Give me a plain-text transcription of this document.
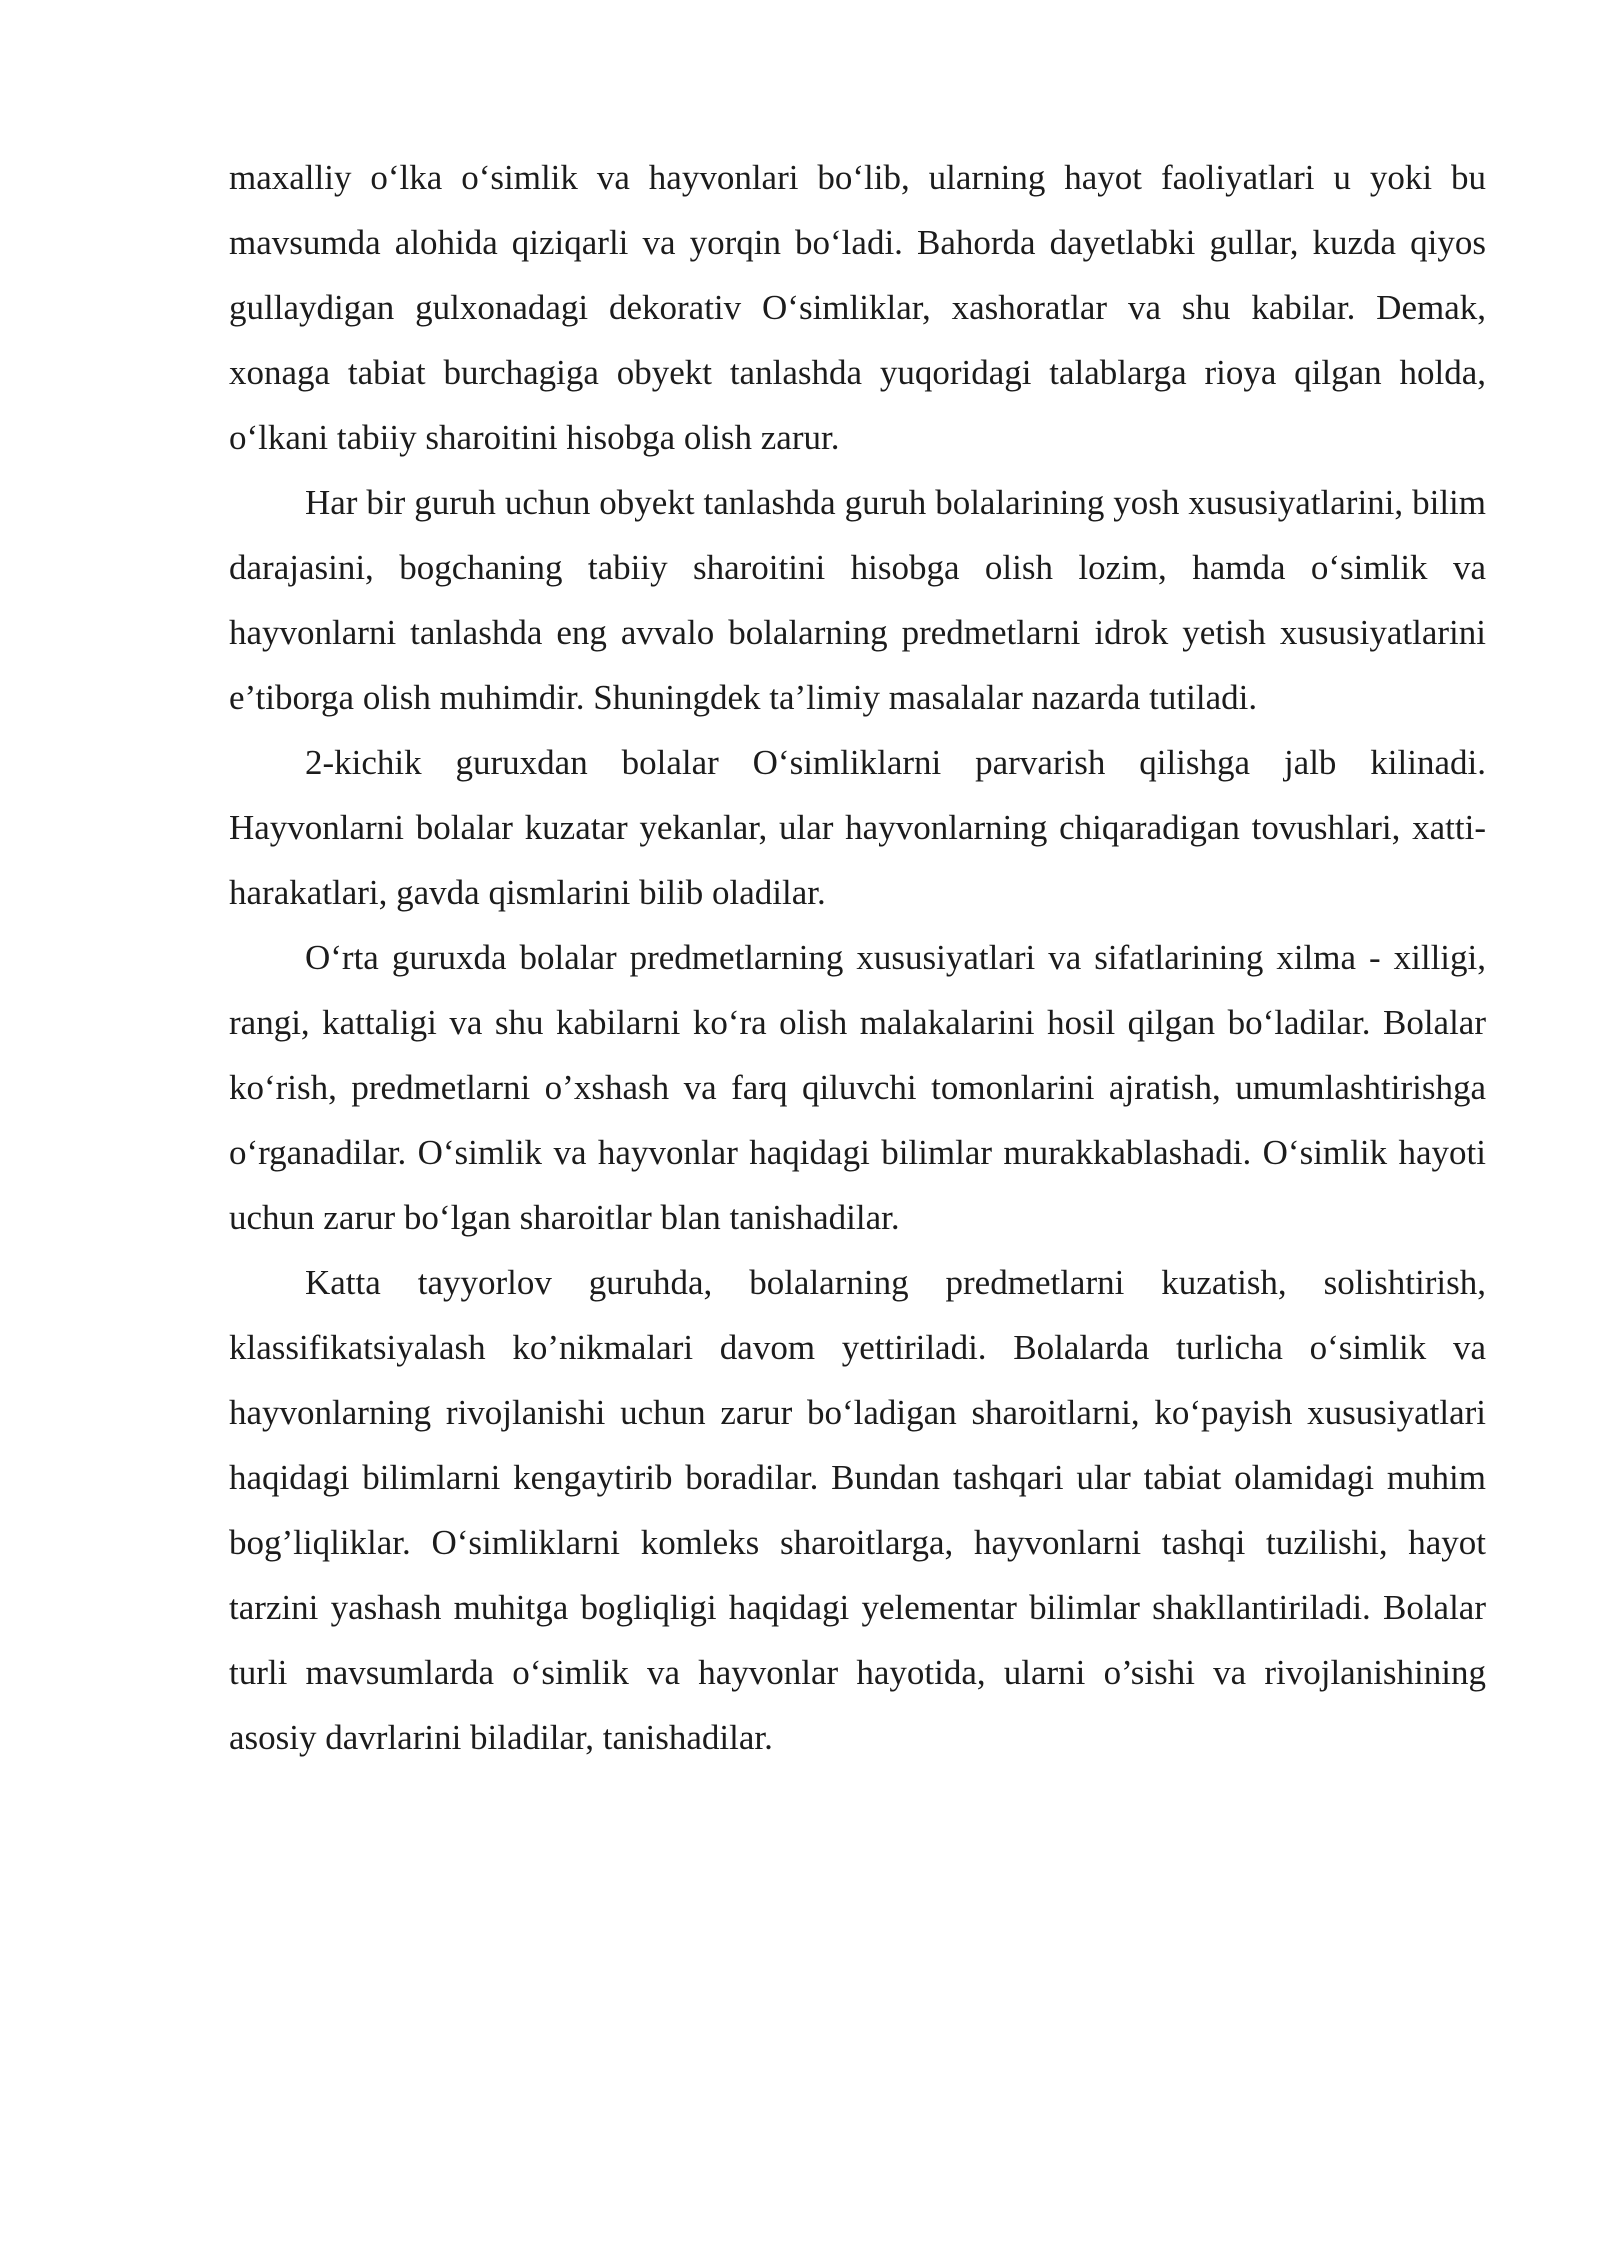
maxalliy o‘lka o‘simlik va hayvonlari bo‘lib, ularning hayot faoliyatlari u yoki bu mavsumda alohida qiziqarli va yorqin bo‘ladi. Bahorda dayetlabki gullar, kuzda qiyos gullaydigan gulxonadagi dekorativ O‘simliklar, xashoratlar va shu kabilar. Demak, xonaga tabiat burchagiga obyekt tanlashda yuqoridagi talablarga rioya qilgan holda, o‘lkani tabiiy sharoitini hisobga olish zarur.

Har bir guruh uchun obyekt tanlashda guruh bolalarining yosh xususiyatlarini, bilim darajasini, bogchaning tabiiy sharoitini hisobga olish lozim, hamda o‘simlik va hayvonlarni tanlashda eng avvalo bolalarning predmetlarni idrok yetish xususiyatlarini e’tiborga olish muhimdir. Shuningdek ta’limiy masalalar nazarda tutiladi.

2-kichik guruxdan bolalar O‘simliklarni parvarish qilishga jalb kilinadi. Hayvonlarni bolalar kuzatar yekanlar, ular hayvonlarning chiqaradigan tovushlari, xatti-harakatlari, gavda qismlarini bilib oladilar.

O‘rta guruxda bolalar predmetlarning xususiyatlari va sifatlarining xilma - xilligi, rangi, kattaligi va shu kabilarni ko‘ra olish malakalarini hosil qilgan bo‘ladilar. Bolalar ko‘rish, predmetlarni o’xshash va farq qiluvchi tomonlarini ajratish, umumlashtirishga o‘rganadilar. O‘simlik va hayvonlar haqidagi bilimlar murakkablashadi. O‘simlik hayoti uchun zarur bo‘lgan sharoitlar blan tanishadilar.

Katta tayyorlov guruhda, bolalarning predmetlarni kuzatish, solishtirish, klassifikatsiyalash ko’nikmalari davom yettiriladi. Bolalarda turlicha o‘simlik va hayvonlarning rivojlanishi uchun zarur bo‘ladigan sharoitlarni, ko‘payish xususiyatlari haqidagi bilimlarni kengaytirib boradilar. Bundan tashqari ular tabiat olamidagi muhim bog’liqliklar. O‘simliklarni komleks sharoitlarga, hayvonlarni tashqi tuzilishi, hayot tarzini yashash muhitga bogliqligi haqidagi yelementar bilimlar shakllantiriladi. Bolalar turli mavsumlarda o‘simlik va hayvonlar hayotida, ularni o’sishi va rivojlanishining asosiy davrlarini biladilar, tanishadilar.
